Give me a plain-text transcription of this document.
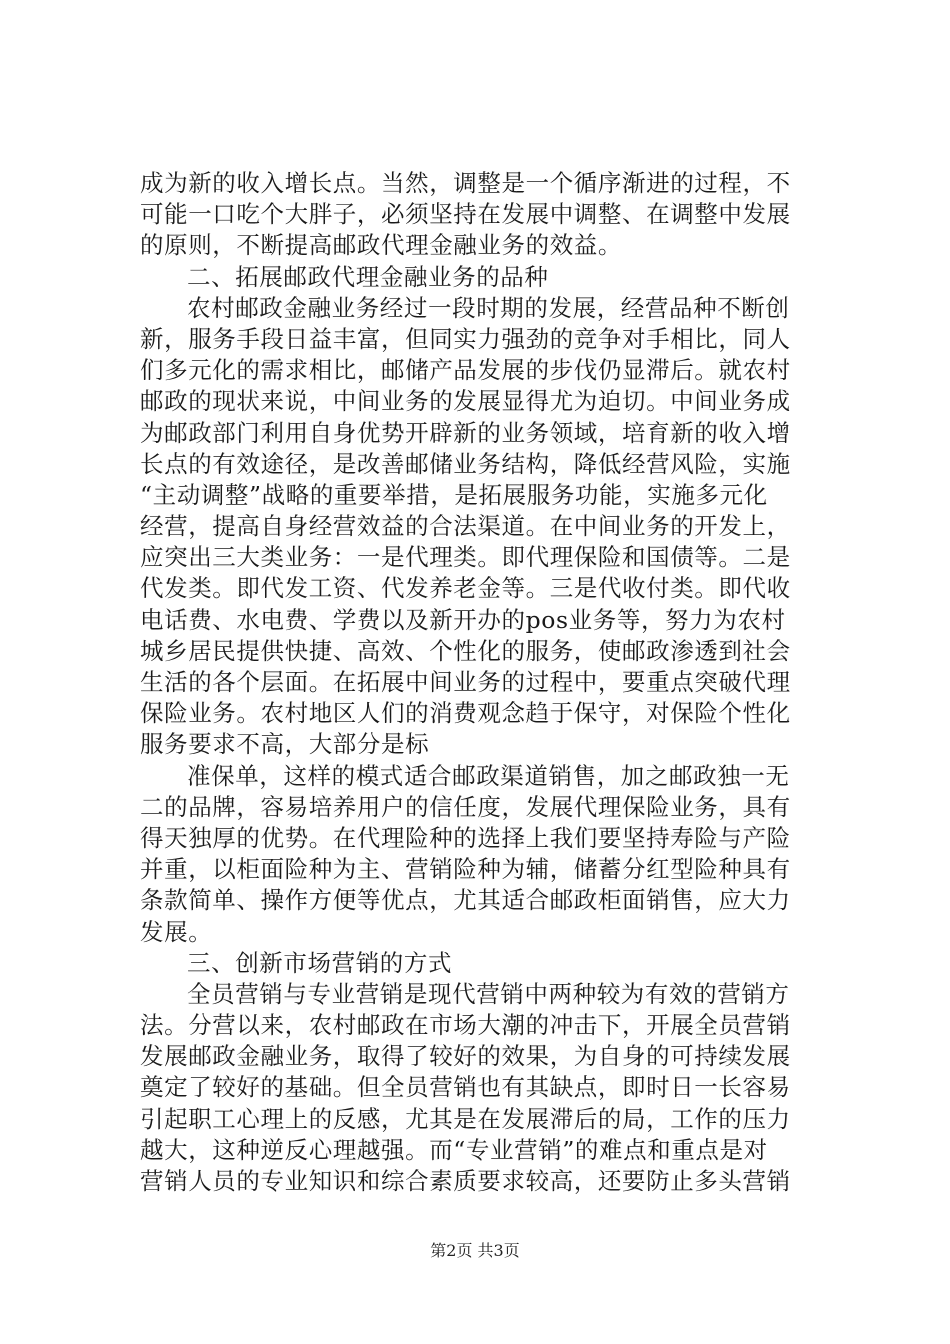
成为新的收入增长点。当然，调整是一个循序渐进的过程，不
可能一口吃个大胖子，必须坚持在发展中调整、在调整中发展
的原则，不断提高邮政代理金融业务的效益。
二、拓展邮政代理金融业务的品种
农村邮政金融业务经过一段时期的发展，经营品种不断创
新，服务手段日益丰富，但同实力强劲的竞争对手相比，同人
们多元化的需求相比，邮储产品发展的步伐仍显滞后。就农村
邮政的现状来说，中间业务的发展显得尤为迫切。中间业务成
为邮政部门利用自身优势开辟新的业务领域，培育新的收入增
长点的有效途径，是改善邮储业务结构，降低经营风险，实施
“主动调整”战略的重要举措，是拓展服务功能，实施多元化
经营，提高自身经营效益的合法渠道。在中间业务的开发上，
应突出三大类业务：一是代理类。即代理保险和国债等。二是
代发类。即代发工资、代发养老金等。三是代收付类。即代收
电话费、水电费、学费以及新开办的pos业务等，努力为农村
城乡居民提供快捷、高效、个性化的服务，使邮政渗透到社会
生活的各个层面。在拓展中间业务的过程中，要重点突破代理
保险业务。农村地区人们的消费观念趋于保守，对保险个性化
服务要求不高，大部分是标
准保单，这样的模式适合邮政渠道销售，加之邮政独一无
二的品牌，容易培养用户的信任度，发展代理保险业务，具有
得天独厚的优势。在代理险种的选择上我们要坚持寿险与产险
并重，以柜面险种为主、营销险种为辅，储蓄分红型险种具有
条款简单、操作方便等优点，尤其适合邮政柜面销售，应大力
发展。
三、创新市场营销的方式
全员营销与专业营销是现代营销中两种较为有效的营销方
法。分营以来，农村邮政在市场大潮的冲击下，开展全员营销
发展邮政金融业务，取得了较好的效果，为自身的可持续发展
奠定了较好的基础。但全员营销也有其缺点，即时日一长容易
引起职工心理上的反感，尤其是在发展滞后的局，工作的压力
越大，这种逆反心理越强。而“专业营销”的难点和重点是对
营销人员的专业知识和综合素质要求较高，还要防止多头营销
第2页 共3页
